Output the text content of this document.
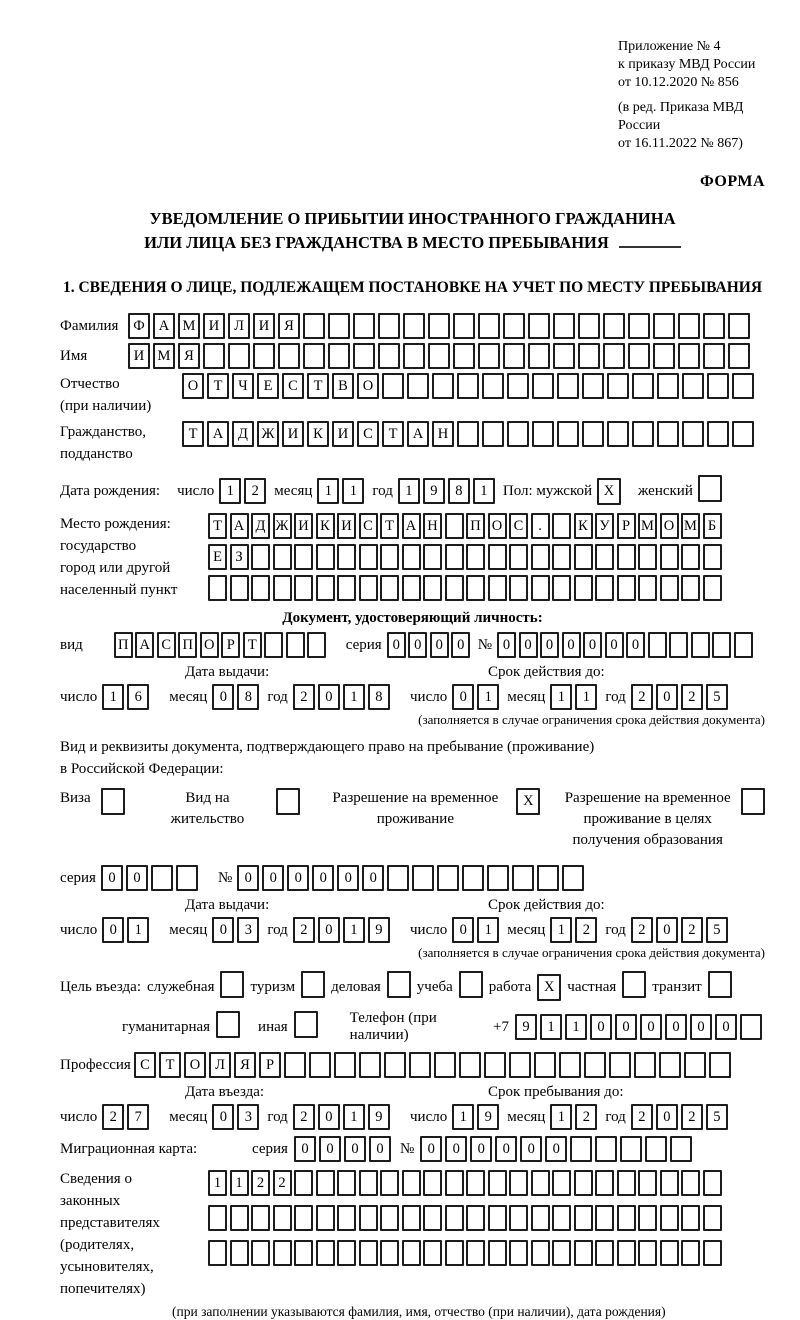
Приложение № 4
к приказу МВД России
от 10.12.2020 № 856
(в ред. Приказа МВД России
от 16.11.2022 № 867)
ФОРМА
УВЕДОМЛЕНИЕ О ПРИБЫТИИ ИНОСТРАННОГО ГРАЖДАНИНА
ИЛИ ЛИЦА БЕЗ ГРАЖДАНСТВА В МЕСТО ПРЕБЫВАНИЯ
1. СВЕДЕНИЯ О ЛИЦЕ, ПОДЛЕЖАЩЕМ ПОСТАНОВКЕ НА УЧЕТ ПО МЕСТУ ПРЕБЫВАНИЯ
Фамилия	Ф А М И	Л	И	Я
Имя	И М Я
Отчество
(при наличии)
О	Т	Ч	Е	С	Т	В	О
Гражданство,
подданство
Т	А	Д Ж И	К	И	С	Т	А	Н
Дата рождения: число 1	2	месяц 1	1	год 1	9	8	1	Пол: мужской X	женский
Место рождения:
государство
город или другой
населенный пункт
Т А Д Ж И К И С Т А Н П О С	.	К У Р М О М Б
Е З
Документ, удостоверяющий личность:
вид П А С П О Р Т	серия 0 0 0 0 № 0 0 0 0 0 0 0
Дата выдачи:
число 1	6	месяц 0	8	год 2	0	1	8
Срок действия до:
число 0	1	месяц 1	1	год 2	0	2	5
(заполняется в случае ограничения срока действия документа)
Вид и реквизиты документа, подтверждающего право на пребывание (проживание)
в Российской Федерации:
Виза	Вид на жительство
Разрешение на временное проживание
X	Разрешение на временное проживание в целях получения образования
серия 0	0	№ 0	0	0	0	0	0
Дата выдачи:
число 0	1	месяц 0	3	год 2	0	1	9
Срок действия до:
число 0	1	месяц 1	2	год 2	0	2	5
(заполняется в случае ограничения срока действия документа)
Цель въезда: служебная туризм деловая учеба работа X частная транзит
гуманитарная	иная
Телефон (при наличии)
+7 9	1	1	0	0	0	0	0	0
Профессия С	Т	О	Л	Я	Р
Дата въезда:
число 2	7	месяц 0	3	год 2	0	1	9
Срок пребывания до:
число 1	9	месяц 1	2	год 2	0	2	5
Миграционная карта:	серия 0	0	0	0	№ 0	0	0	0	0	0
Сведения о
законных
представителях
(родителях,
усыновителях,
попечителях)
1 1 2 2
(при заполнении указываются фамилия, имя, отчество (при наличии), дата рождения)
